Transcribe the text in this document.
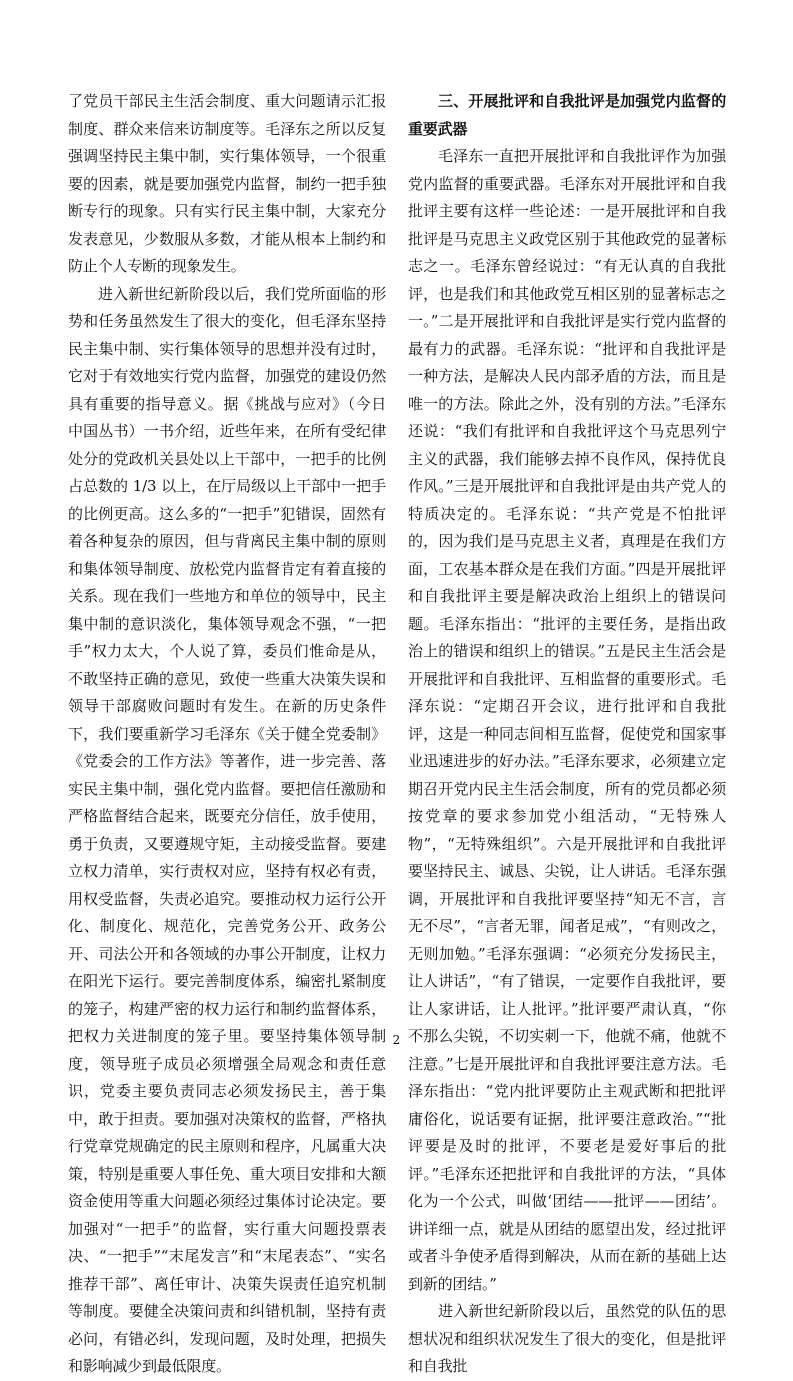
了党员干部民主生活会制度、重大问题请示汇报制度、群众来信来访制度等。毛泽东之所以反复强调坚持民主集中制，实行集体领导，一个很重要的因素，就是要加强党内监督，制约一把手独断专行的现象。只有实行民主集中制，大家充分发表意见，少数服从多数，才能从根本上制约和防止个人专断的现象发生。

进入新世纪新阶段以后，我们党所面临的形势和任务虽然发生了很大的变化，但毛泽东坚持民主集中制、实行集体领导的思想并没有过时，它对于有效地实行党内监督，加强党的建设仍然具有重要的指导意义。据《挑战与应对》（今日中国丛书）一书介绍，近些年来，在所有受纪律处分的党政机关县处以上干部中，一把手的比例占总数的 1/3 以上，在厅局级以上干部中一把手的比例更高。这么多的“一把手”犯错误，固然有着各种复杂的原因，但与背离民主集中制的原则和集体领导制度、放松党内监督肯定有着直接的关系。现在我们一些地方和单位的领导中，民主集中制的意识淡化，集体领导观念不强，“一把手”权力太大，个人说了算，委员们惟命是从，不敢坚持正确的意见，致使一些重大决策失误和领导干部腐败问题时有发生。在新的历史条件下，我们要重新学习毛泽东《关于健全党委制》《党委会的工作方法》等著作，进一步完善、落实民主集中制，强化党内监督。要把信任激励和严格监督结合起来，既要充分信任，放手使用，勇于负责，又要遵规守矩，主动接受监督。要建立权力清单，实行责权对应，坚持有权必有责，用权受监督，失责必追究。要推动权力运行公开化、制度化、规范化，完善党务公开、政务公开、司法公开和各领域的办事公开制度，让权力在阳光下运行。要完善制度体系，编密扎紧制度的笼子，构建严密的权力运行和制约监督体系，把权力关进制度的笼子里。要坚持集体领导制度，领导班子成员必须增强全局观念和责任意识，党委主要负责同志必须发扬民主，善于集中，敢于担责。要加强对决策权的监督，严格执行党章党规确定的民主原则和程序，凡属重大决策，特别是重要人事任免、重大项目安排和大额资金使用等重大问题必须经过集体讨论决定。要加强对“一把手”的监督，实行重大问题投票表决、“一把手”“末尾发言”和“末尾表态”、“实名推荐干部”、离任审计、决策失误责任追究机制等制度。要健全决策问责和纠错机制，坚持有责必问，有错必纠，发现问题，及时处理，把损失和影响减少到最低限度。

三、开展批评和自我批评是加强党内监督的重要武器

毛泽东一直把开展批评和自我批评作为加强党内监督的重要武器。毛泽东对开展批评和自我批评主要有这样一些论述：一是开展批评和自我批评是马克思主义政党区别于其他政党的显著标志之一。毛泽东曾经说过：“有无认真的自我批评，也是我们和其他政党互相区别的显著标志之一。”二是开展批评和自我批评是实行党内监督的最有力的武器。毛泽东说：“批评和自我批评是一种方法，是解决人民内部矛盾的方法，而且是唯一的方法。除此之外，没有别的方法。”毛泽东还说：“我们有批评和自我批评这个马克思列宁主义的武器，我们能够去掉不良作风，保持优良作风。”三是开展批评和自我批评是由共产党人的特质决定的。毛泽东说：“共产党是不怕批评的，因为我们是马克思主义者，真理是在我们方面，工农基本群众是在我们方面。”四是开展批评和自我批评主要是解决政治上组织上的错误问题。毛泽东指出：“批评的主要任务，是指出政治上的错误和组织上的错误。”五是民主生活会是开展批评和自我批评、互相监督的重要形式。毛泽东说：“定期召开会议，进行批评和自我批评，这是一种同志间相互监督，促使党和国家事业迅速进步的好办法。”毛泽东要求，必须建立定期召开党内民主生活会制度，所有的党员都必须按党章的要求参加党小组活动，“无特殊人物”，“无特殊组织”。六是开展批评和自我批评要坚持民主、诚恳、尖锐，让人讲话。毛泽东强调，开展批评和自我批评要坚持“知无不言，言无不尽”，“言者无罪，闻者足戒”，“有则改之，无则加勉。”毛泽东强调：“必须充分发扬民主，让人讲话”，“有了错误，一定要作自我批评，要让人家讲话，让人批评。”批评要严肃认真，“你不那么尖锐，不切实刺一下，他就不痛，他就不注意。”七是开展批评和自我批评要注意方法。毛泽东指出：“党内批评要防止主观武断和把批评庸俗化，说话要有证据，批评要注意政治。”“批评要是及时的批评，不要老是爱好事后的批评。”毛泽东还把批评和自我批评的方法，“具体化为一个公式，叫做‘团结——批评——团结’。讲详细一点，就是从团结的愿望出发，经过批评或者斗争使矛盾得到解决，从而在新的基础上达到新的团结。”

进入新世纪新阶段以后，虽然党的队伍的思想状况和组织状况发生了很大的变化，但是批评和自我批

2
